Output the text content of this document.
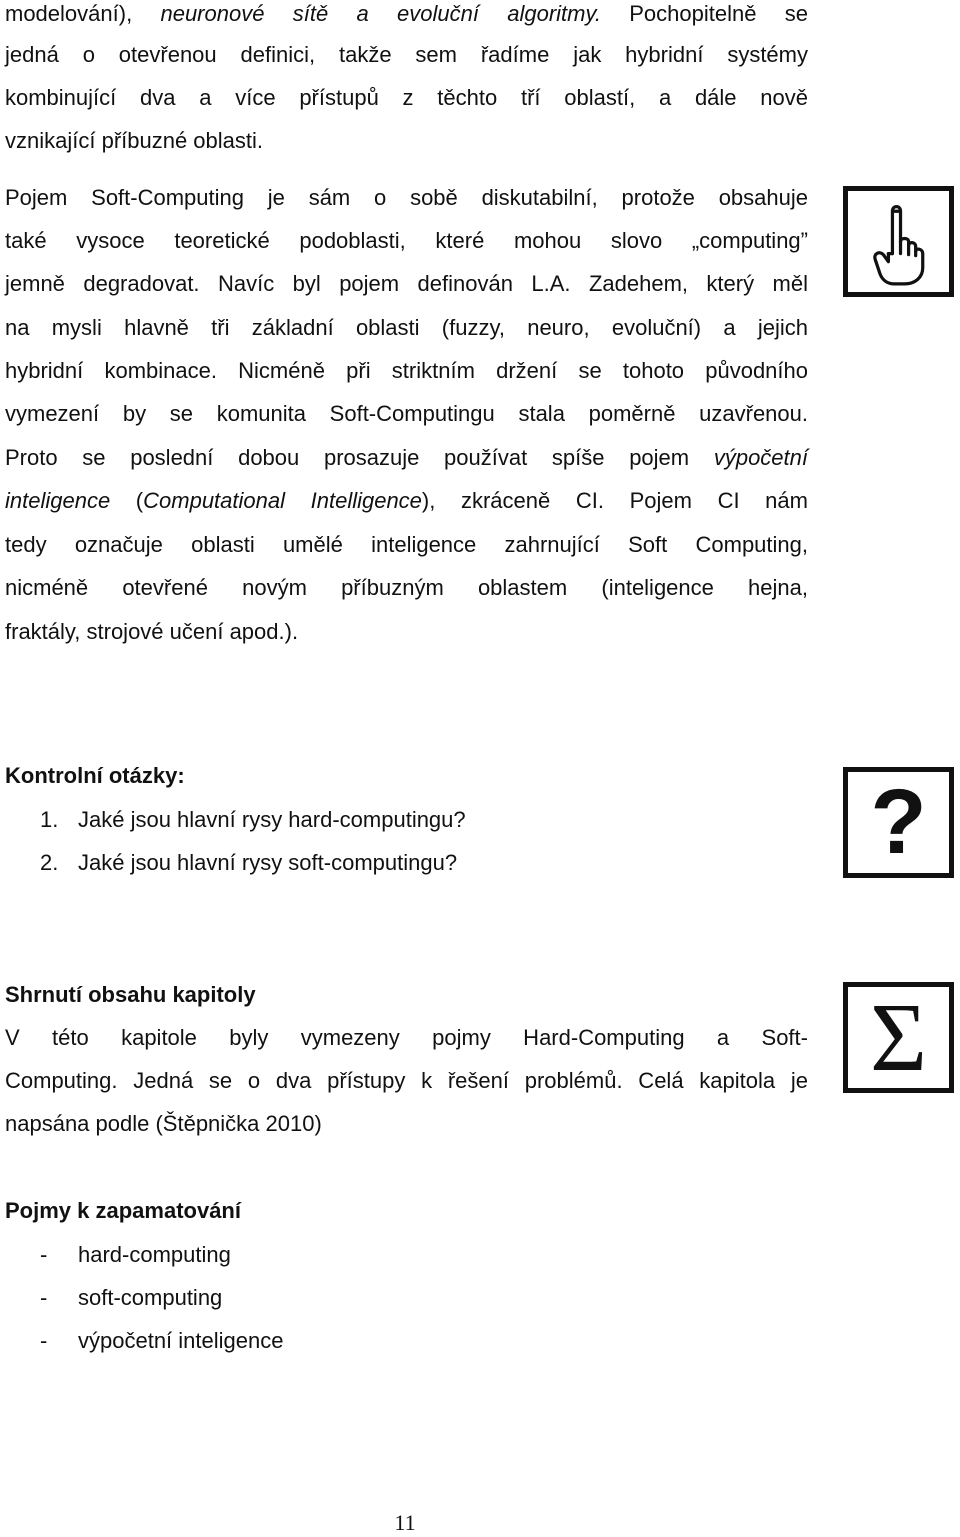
modelování), neuronové sítě a evoluční algoritmy. Pochopitelně se

jedná o otevřenou definici, takže sem řadíme jak hybridní systémy

kombinující dva a více přístupů z těchto tří oblastí, a dále nově

vznikající příbuzné oblasti.

Pojem Soft-Computing je sám o sobě diskutabilní, protože obsahuje

také vysoce teoretické podoblasti, které mohou slovo „computing”

jemně degradovat. Navíc byl pojem definován L.A. Zadehem, který měl

na mysli hlavně tři základní oblasti (fuzzy, neuro, evoluční) a jejich

hybridní kombinace. Nicméně při striktním držení se tohoto původního

vymezení by se komunita Soft-Computingu stala poměrně uzavřenou.

Proto se poslední dobou prosazuje používat spíše pojem výpočetní

inteligence (Computational Intelligence), zkráceně CI. Pojem CI nám

tedy označuje oblasti umělé inteligence zahrnující Soft Computing,

nicméně otevřené novým příbuzným oblastem (inteligence hejna,

fraktály, strojové učení apod.).

Kontrolní otázky:

1. Jaké jsou hlavní rysy hard-computingu?
2. Jaké jsou hlavní rysy soft-computingu?	?

Shrnutí obsahu kapitoly

V této kapitole byly vymezeny pojmy Hard-Computing a Soft-

Computing. Jedná se o dva přístupy k řešení problémů. Celá kapitola je

napsána podle (Štěpnička 2010)

Σ

Pojmy k zapamatování

- hard-computing
- soft-computing
- výpočetní inteligence
11
